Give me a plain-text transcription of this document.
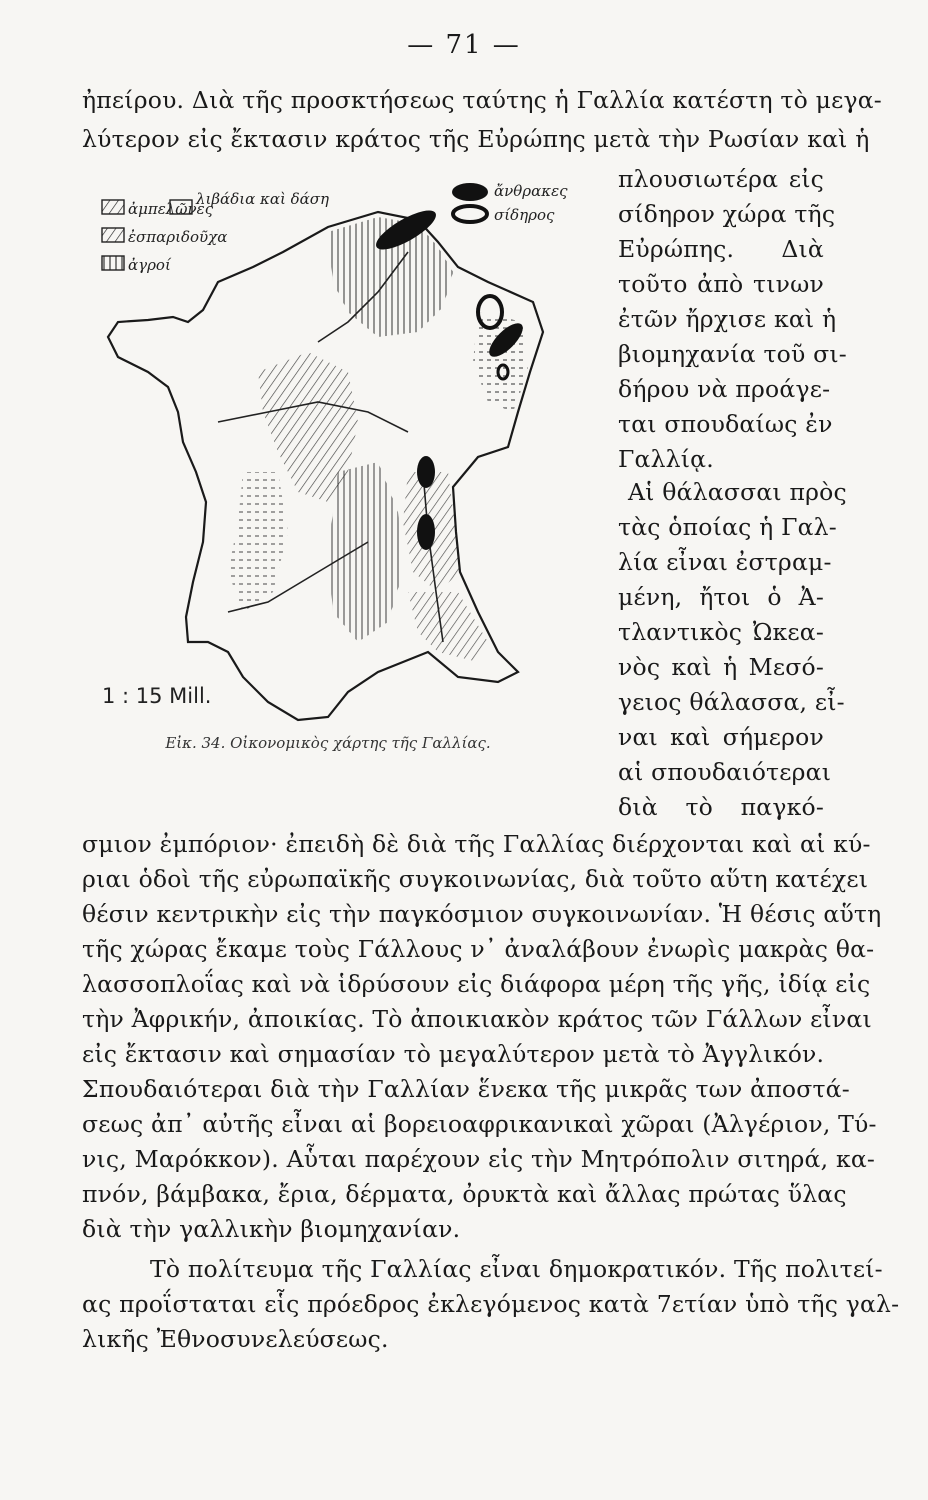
— 71 —
ἠπείρου. Διὰ τῆς προσκτήσεως ταύτης ἡ Γαλλία κατέστη τὸ μεγα-
λύτερον εἰς ἔκτασιν κράτος τῆς Εὐρώπης μετὰ τὴν Ρωσίαν καὶ ἡ
πλουσιωτέρα εἰς
σίδηρον χώρα τῆς
Εὐρώπης. Διὰ
τοῦτο ἀπὸ τινων
ἐτῶν ἤρχισε καὶ ἡ
βιομηχανία τοῦ σι-
δήρου νὰ προάγε-
ται σπουδαίως ἐν
Γαλλίᾳ.
Αἱ θάλασσαι πρὸς
τὰς ὁποίας ἡ Γαλ-
λία εἶναι ἐστραμ-
μένη, ἤτοι ὁ Ἀ-
τλαντικὸς Ὠκεα-
νὸς καὶ ἡ Μεσό-
γειος θάλασσα, εἶ-
ναι καὶ σήμερον
αἱ σπουδαιότεραι
διὰ τὸ παγκό-
σμιον ἐμπόριον· ἐπειδὴ δὲ διὰ τῆς Γαλλίας διέρχονται καὶ αἱ κύ-
ριαι ὁδοὶ τῆς εὐρωπαϊκῆς συγκοινωνίας, διὰ τοῦτο αὕτη κατέχει
θέσιν κεντρικὴν εἰς τὴν παγκόσμιον συγκοινωνίαν. Ἡ θέσις αὕτη
τῆς χώρας ἔκαμε τοὺς Γάλλους ν᾽ ἀναλάβουν ἐνωρὶς μακρὰς θα-
λασσοπλοΐας καὶ νὰ ἱδρύσουν εἰς διάφορα μέρη τῆς γῆς, ἰδίᾳ εἰς
τὴν Ἀφρικήν, ἀποικίας. Τὸ ἀποικιακὸν κράτος τῶν Γάλλων εἶναι
εἰς ἔκτασιν καὶ σημασίαν τὸ μεγαλύτερον μετὰ τὸ Ἀγγλικόν.
Σπουδαιότεραι διὰ τὴν Γαλλίαν ἕνεκα τῆς μικρᾶς των ἀποστά-
σεως ἀπ᾽ αὐτῆς εἶναι αἱ βορειοαφρικανικαὶ χῶραι (Ἀλγέριον, Τύ-
νις, Μαρόκκον). Αὗται παρέχουν εἰς τὴν Μητρόπολιν σιτηρά, κα-
πνόν, βάμβακα, ἔρια, δέρματα, ὀρυκτὰ καὶ ἄλλας πρώτας ὕλας
διὰ τὴν γαλλικὴν βιομηχανίαν.
Τὸ πολίτευμα τῆς Γαλλίας εἶναι δημοκρατικόν. Τῆς πολιτεί-
ας προΐσταται εἷς πρόεδρος ἐκλεγόμενος κατὰ 7ετίαν ὑπὸ τῆς γαλ-
λικῆς Ἐθνοσυνελεύσεως.
ἀμπελῶνες
λιβάδια καὶ δάση
ἐσπαριδοῦχα
ἀγροί
ἄνθρακες
σίδηρος
1 : 15 Mill.
Εἰκ. 34. Οἰκονομικὸς χάρτης τῆς Γαλλίας.
